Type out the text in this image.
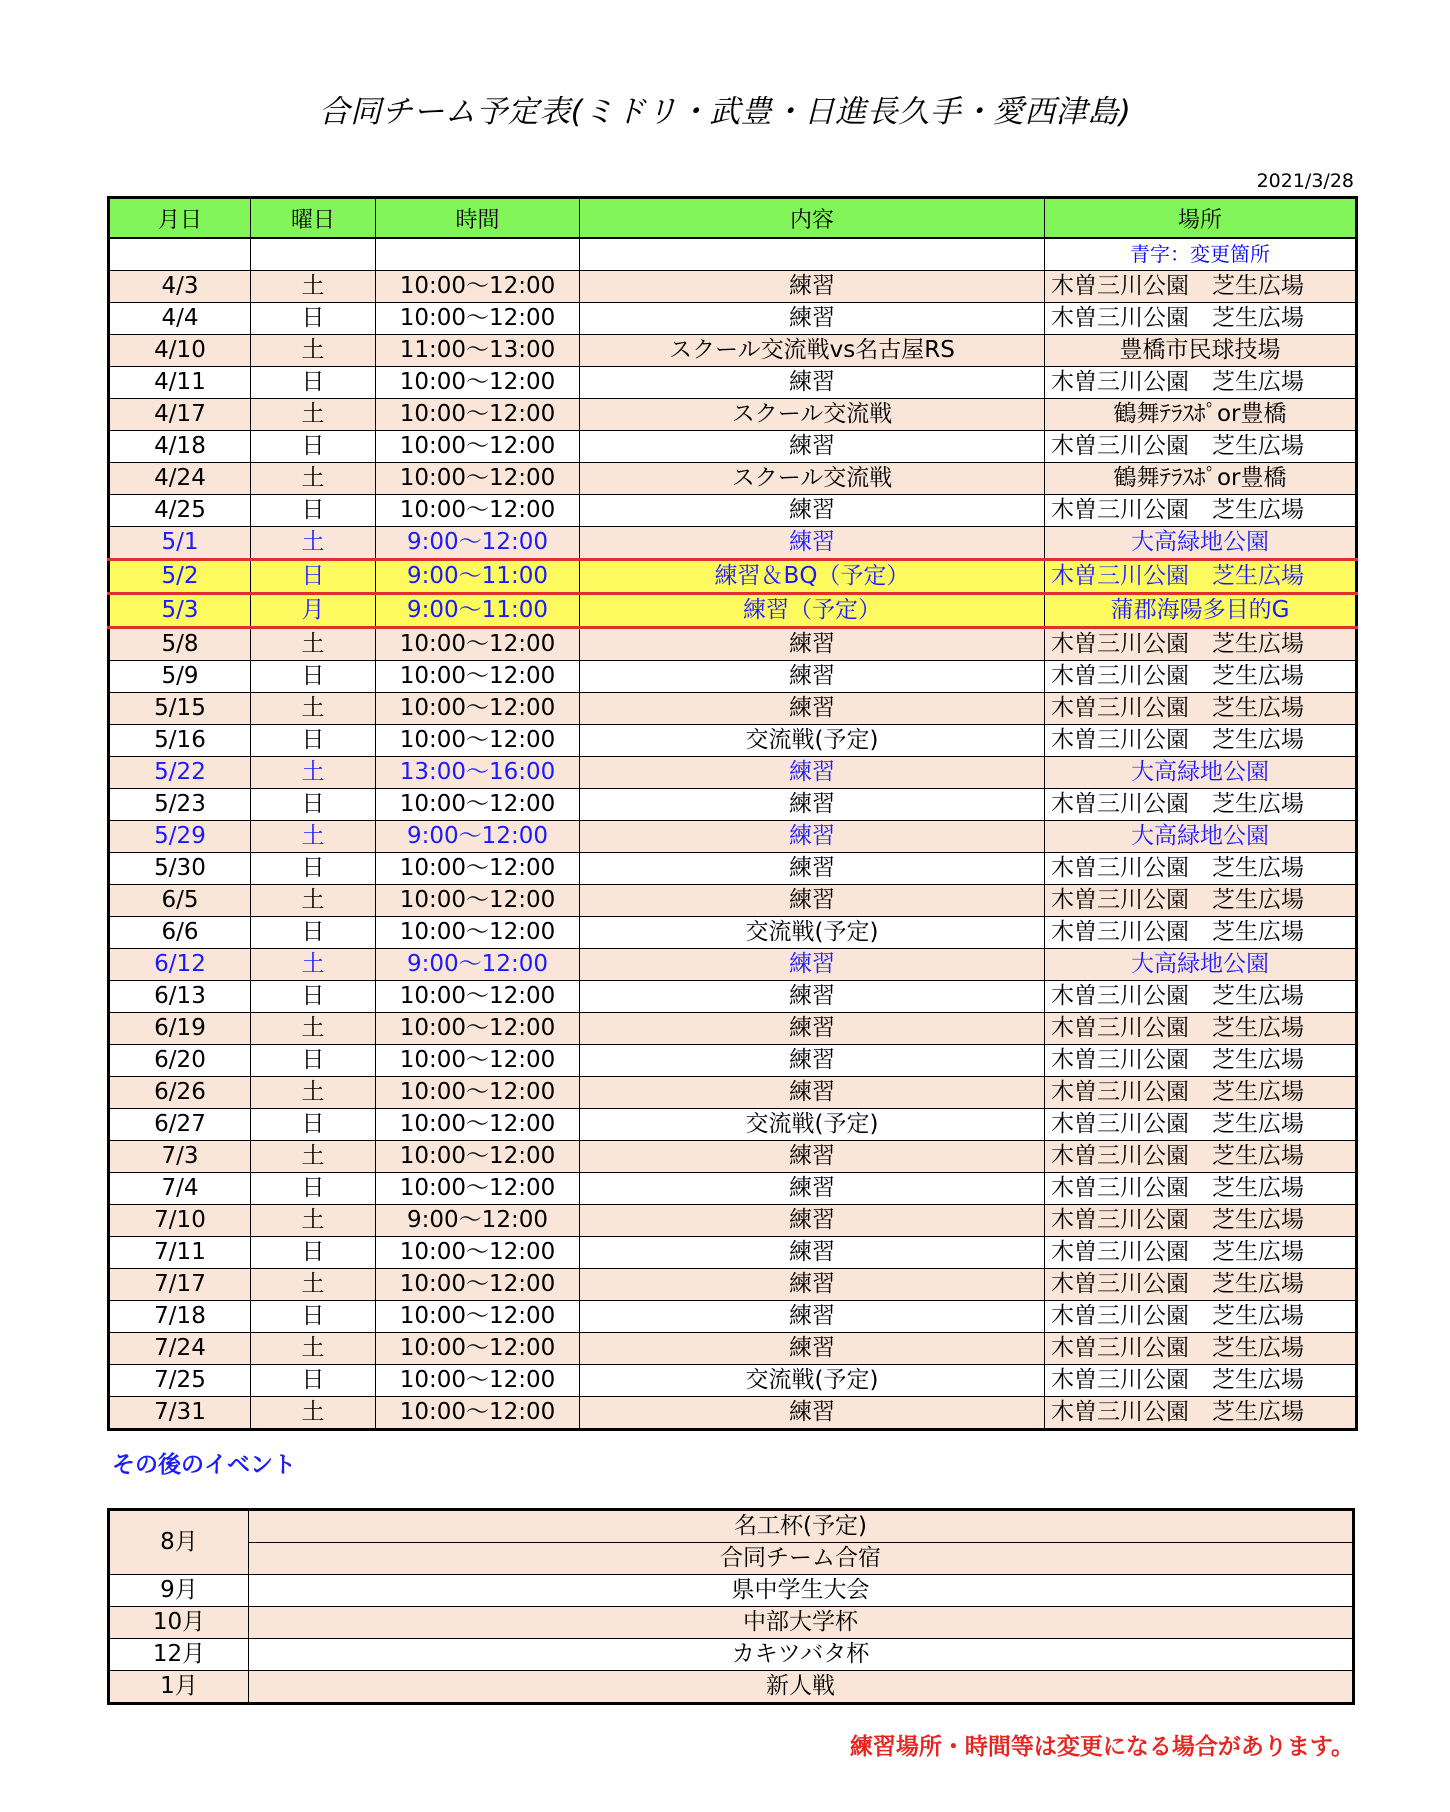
合同チーム予定表(ミドリ・武豊・日進長久手・愛西津島)
2021/3/28
月日	曜日	時間	内容	場所
				青字：変更箇所
4/3	土	10:00～12:00	練習	木曽三川公園　芝生広場
4/4	日	10:00～12:00	練習	木曽三川公園　芝生広場
4/10	土	11:00～13:00	スクール交流戦vs名古屋RS	豊橋市民球技場
4/11	日	10:00～12:00	練習	木曽三川公園　芝生広場
4/17	土	10:00～12:00	スクール交流戦	鶴舞ﾃﾗｽﾎﾟor豊橋
4/18	日	10:00～12:00	練習	木曽三川公園　芝生広場
4/24	土	10:00～12:00	スクール交流戦	鶴舞ﾃﾗｽﾎﾟor豊橋
4/25	日	10:00～12:00	練習	木曽三川公園　芝生広場
5/1	土	9:00～12:00	練習	大高緑地公園
5/2	日	9:00～11:00	練習＆BQ（予定）	木曽三川公園　芝生広場
5/3	月	9:00～11:00	練習（予定）	蒲郡海陽多目的G
5/8	土	10:00～12:00	練習	木曽三川公園　芝生広場
5/9	日	10:00～12:00	練習	木曽三川公園　芝生広場
5/15	土	10:00～12:00	練習	木曽三川公園　芝生広場
5/16	日	10:00～12:00	交流戦(予定)	木曽三川公園　芝生広場
5/22	土	13:00～16:00	練習	大高緑地公園
5/23	日	10:00～12:00	練習	木曽三川公園　芝生広場
5/29	土	9:00～12:00	練習	大高緑地公園
5/30	日	10:00～12:00	練習	木曽三川公園　芝生広場
6/5	土	10:00～12:00	練習	木曽三川公園　芝生広場
6/6	日	10:00～12:00	交流戦(予定)	木曽三川公園　芝生広場
6/12	土	9:00～12:00	練習	大高緑地公園
6/13	日	10:00～12:00	練習	木曽三川公園　芝生広場
6/19	土	10:00～12:00	練習	木曽三川公園　芝生広場
6/20	日	10:00～12:00	練習	木曽三川公園　芝生広場
6/26	土	10:00～12:00	練習	木曽三川公園　芝生広場
6/27	日	10:00～12:00	交流戦(予定)	木曽三川公園　芝生広場
7/3	土	10:00～12:00	練習	木曽三川公園　芝生広場
7/4	日	10:00～12:00	練習	木曽三川公園　芝生広場
7/10	土	9:00～12:00	練習	木曽三川公園　芝生広場
7/11	日	10:00～12:00	練習	木曽三川公園　芝生広場
7/17	土	10:00～12:00	練習	木曽三川公園　芝生広場
7/18	日	10:00～12:00	練習	木曽三川公園　芝生広場
7/24	土	10:00～12:00	練習	木曽三川公園　芝生広場
7/25	日	10:00～12:00	交流戦(予定)	木曽三川公園　芝生広場
7/31	土	10:00～12:00	練習	木曽三川公園　芝生広場
その後のイベント
8月	名工杯(予定)
	合同チーム合宿
9月	県中学生大会
10月	中部大学杯
12月	カキツバタ杯
1月	新人戦
練習場所・時間等は変更になる場合があります。
